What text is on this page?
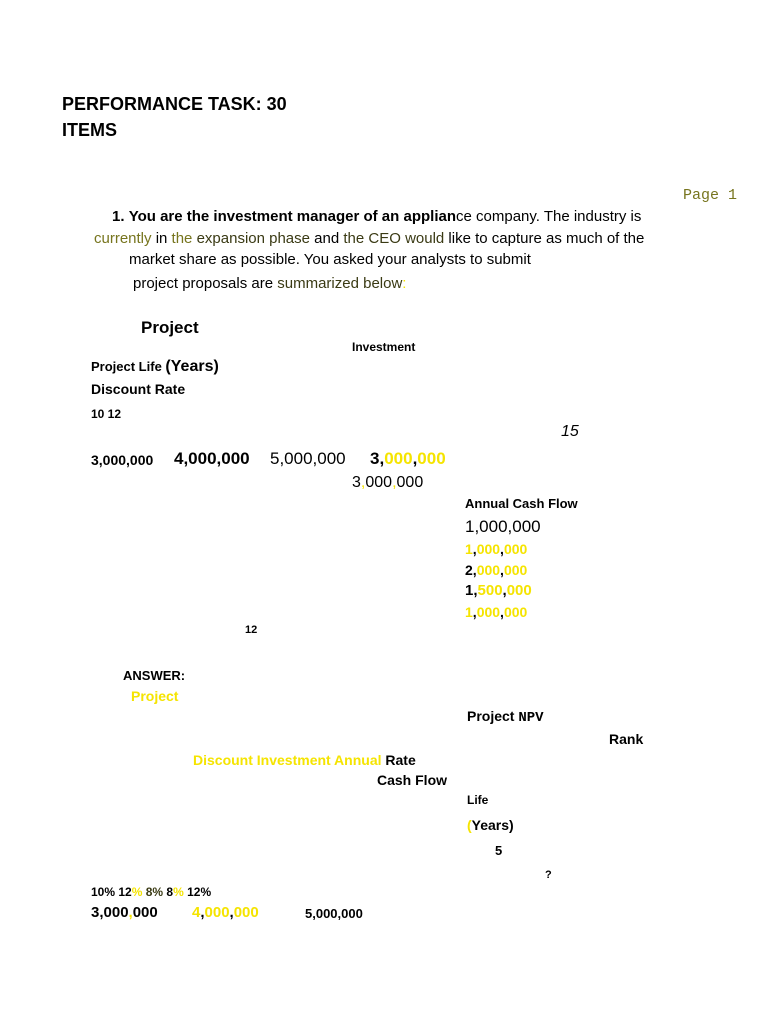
PERFORMANCE TASK: 30
ITEMS
Page 1
1. You are the investment manager of an appliance company. The industry is
currently in the expansion phase and the CEO would like to capture as much of the
market share as possible. You asked your analysts to submit
project proposals are summarized below:
Project
Investment
Project Life (Years)
Discount Rate
10 12
15
3,000,000 4,000,000 5,000,000 3,000,000
3,000,000
Annual Cash Flow
1,000,000
1,000,000
2,000,000
1,500,000
1,000,000
12
ANSWER:
Project
Project NPV
Rank
Discount Investment Annual Rate
Cash Flow
Life
(Years)
5
?
10% 12% 8% 8% 12%
3,000,000 4,000,000	5,000,000
